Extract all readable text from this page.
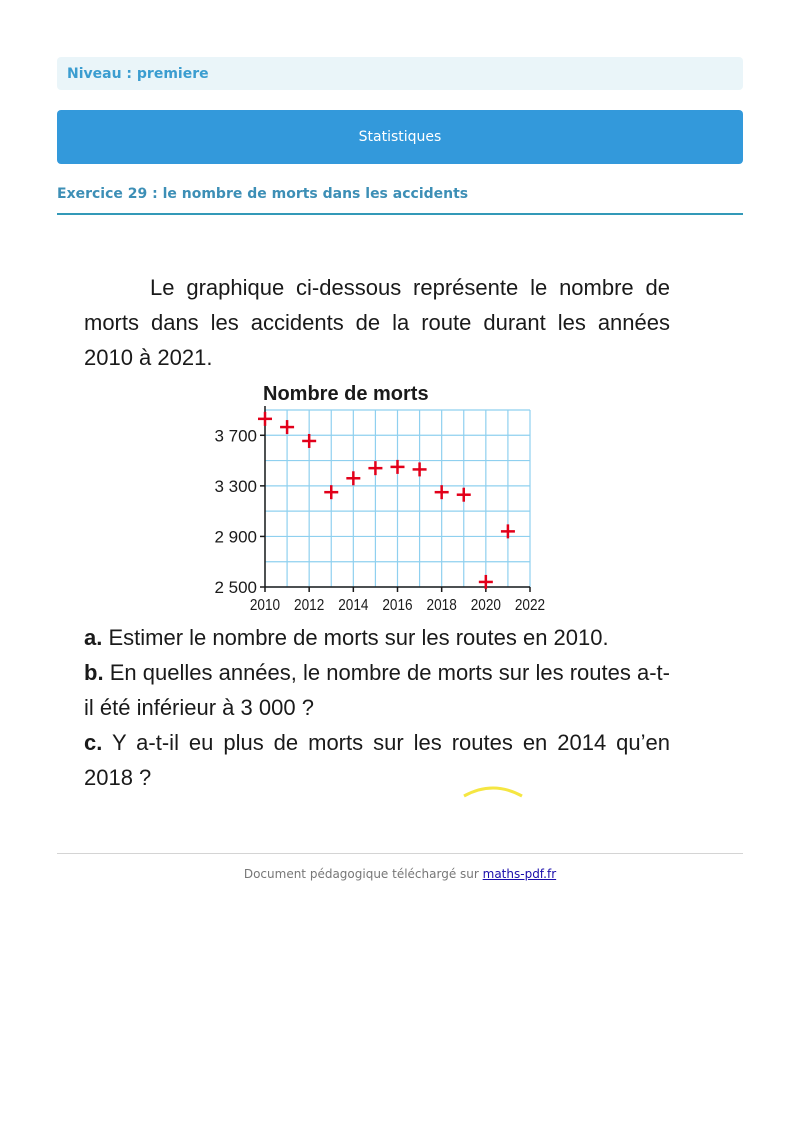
Niveau : premiere
Statistiques
Exercice 29 : le nombre de morts dans les accidents

Le graphique ci-dessous représente le nombre de morts dans les accidents de la route durant les années 2010 à 2021.

Nombre de morts
2 500
2 900
3 300
3 700
2010 2012 2014 2016 2018 2020 2022

a. Estimer le nombre de morts sur les routes en 2010.

b. En quelles années, le nombre de morts sur les routes a-t-il été inférieur à 3 000 ?

c. Y a-t-il eu plus de morts sur les routes en 2014 qu’en 2018 ?

Document pédagogique téléchargé sur maths-pdf.fr
